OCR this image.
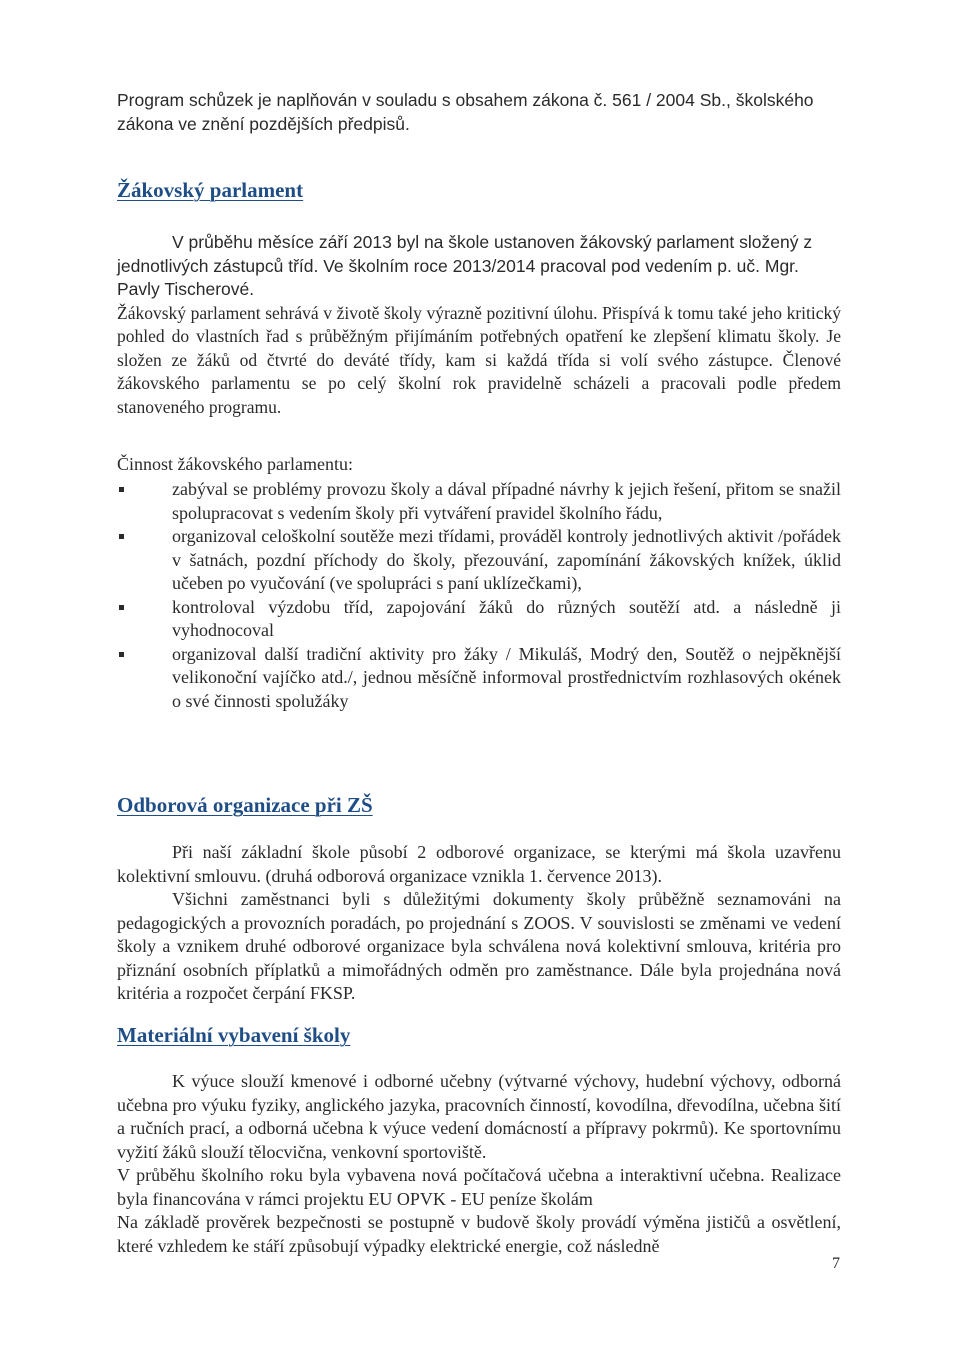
Program schůzek je naplňován v souladu s obsahem zákona č. 561 / 2004 Sb., školského zákona ve znění pozdějších předpisů.

Žákovský parlament

V průběhu měsíce září 2013 byl na škole ustanoven žákovský parlament složený z jednotlivých zástupců tříd. Ve školním roce 2013/2014 pracoval pod vedením p. uč. Mgr. Pavly Tischerové.

Žákovský parlament sehrává v životě školy výrazně pozitivní úlohu. Přispívá k tomu také jeho kritický pohled do vlastních řad s průběžným přijímáním potřebných opatření ke zlepšení klimatu školy. Je složen ze žáků od čtvrté do deváté třídy, kam si každá třída si volí svého zástupce. Členové žákovského parlamentu se po celý školní rok pravidelně scházeli a pracovali podle předem stanoveného programu.

Činnost žákovského parlamentu:
zabýval se problémy provozu školy a dával případné návrhy k jejich řešení, přitom se snažil spolupracovat s vedením školy při vytváření pravidel školního řádu,
organizoval celoškolní soutěže mezi třídami, prováděl kontroly jednotlivých aktivit /pořádek v šatnách, pozdní příchody do školy, přezouvání, zapomínání žákovských knížek, úklid učeben po vyučování (ve spolupráci s paní uklízečkami),
kontroloval výzdobu tříd, zapojování žáků do různých soutěží atd. a následně ji vyhodnocoval
organizoval další tradiční aktivity pro žáky / Mikuláš, Modrý den, Soutěž o nejpěknější velikonoční vajíčko atd./, jednou měsíčně informoval prostřednictvím rozhlasových okének o své činnosti spolužáky
Odborová organizace při ZŠ

Při naší základní škole působí 2 odborové organizace, se kterými má škola uzavřenu kolektivní smlouvu. (druhá odborová organizace vznikla 1. července 2013).

Všichni zaměstnanci byli s důležitými dokumenty školy průběžně seznamováni na pedagogických a provozních poradách, po projednání s ZOOS. V souvislosti se změnami ve vedení školy a vznikem druhé odborové organizace byla schválena nová kolektivní smlouva, kritéria pro přiznání osobních příplatků a mimořádných odměn pro zaměstnance. Dále byla projednána nová kritéria a rozpočet čerpání FKSP.

Materiální vybavení školy

K výuce slouží kmenové i odborné učebny (výtvarné výchovy, hudební výchovy, odborná učebna pro výuku fyziky, anglického jazyka, pracovních činností, kovodílna, dřevodílna, učebna šití a ručních prací, a odborná učebna k výuce vedení domácností a přípravy pokrmů). Ke sportovnímu vyžití žáků slouží tělocvična, venkovní sportoviště.

V průběhu školního roku byla vybavena nová počítačová učebna a interaktivní učebna. Realizace byla financována v rámci projektu EU OPVK - EU peníze školám

Na základě prověrek bezpečnosti se postupně v budově školy provádí výměna jističů a osvětlení, které vzhledem ke stáří způsobují výpadky elektrické energie, což následně

7
